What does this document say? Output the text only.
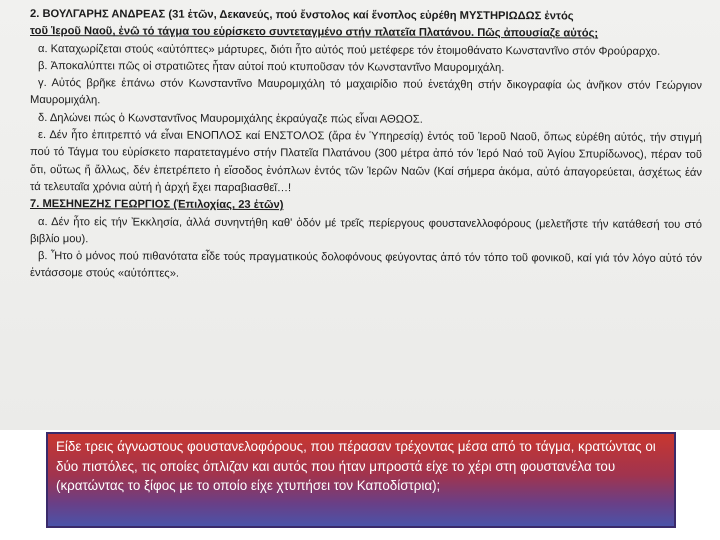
2. ΒΟΥΛΓΑΡΗΣ ΑΝΔΡΕΑΣ (31 ἐτῶν, Δεκανεύς, πού ἔνστολος καί ἔνοπλος εὑρέθη ΜΥΣΤΗΡΙΩΔΩΣ ἐντός

τοῦ Ἱεροῦ Ναοῦ, ἐνῶ τό τάγμα του εὑρίσκετο συντεταγμένο στήν πλατεῖα Πλατάνου. Πῶς ἀπουσίαζε αὐτός;

α. Καταχωρίζεται στούς «αὐτόπτες» μάρτυρες, διότι ἦτο αὐτός πού μετέφερε τόν ἑτοιμοθάνατο Κωνσταντῖνο στόν Φρούραρχο.

β. Ἀποκαλύπτει πῶς οἱ στρατιῶτες ἦταν αὐτοί πού κτυποῦσαν τόν Κωνσταντῖνο Μαυρομιχάλη.

γ. Αὐτός βρῆκε ἐπάνω στόν Κωνσταντῖνο Μαυρομιχάλη τό μαχαιρίδιο πού ἐνετάχθη στήν δικογραφία ὡς ἀνῆκον στόν Γεώργιον Μαυρομιχάλη.

δ. Δηλώνει πώς ὁ Κωνσταντῖνος Μαυρομιχάλης ἐκραύγαζε πώς εἶναι ΑΘΩΟΣ.

ε. Δέν ἦτο ἐπιτρεπτό νά εἶναι ΕΝΟΠΛΟΣ καί ΕΝΣΤΟΛΟΣ (ἄρα ἐν Ὑπηρεσίᾳ) ἐντός τοῦ Ἱεροῦ Ναοῦ, ὅπως εὑρέθη αὐτός, τήν στιγμή πού τό Τάγμα του εὑρίσκετο παρατεταγμένο στήν Πλατεῖα Πλατάνου (300 μέτρα ἀπό τόν Ἱερό Ναό τοῦ Ἁγίου Σπυρίδωνος), πέραν τοῦ ὅτι, οὕτως ἤ ἄλλως, δέν ἐπετρέπετο ἡ εἴσοδος ἐνόπλων ἐντός τῶν Ἱερῶν Ναῶν (Καί σήμερα ἀκόμα, αὐτό ἀπαγορεύεται, ἀσχέτως ἐάν τά τελευταῖα χρόνια αὐτή ἡ ἀρχή ἔχει παραβιασθεῖ…!

7. ΜΕΣΗΝΕΖΗΣ ΓΕΩΡΓΙΟΣ (Ἐπιλοχίας, 23 ἐτῶν)

α. Δέν ἦτο εἰς τήν Ἐκκλησία, ἀλλά συνηντήθη καθ' ὁδόν μέ τρεῖς περίεργους φουστανελλοφόρους (μελετῆστε τήν κατάθεσή του στό βιβλίο μου).

β. Ἦτο ὁ μόνος πού πιθανότατα εἶδε τούς πραγματικούς δολοφόνους φεύγοντας ἀπό τόν τόπο τοῦ φονικοῦ, καί γιά τόν λόγο αὐτό τόν ἐντάσσομε στούς «αὐτόπτες».

Είδε τρεις άγνωστους φουστανελοφόρους, που πέρασαν τρέχοντας μέσα από το τάγμα, κρατώντας οι δύο πιστόλες, τις οποίες όπλιζαν και αυτός που ήταν μπροστά είχε το χέρι στη φουστανέλα του (κρατώντας το ξίφος με το οποίο είχε χτυπήσει τον Καποδίστρια);
